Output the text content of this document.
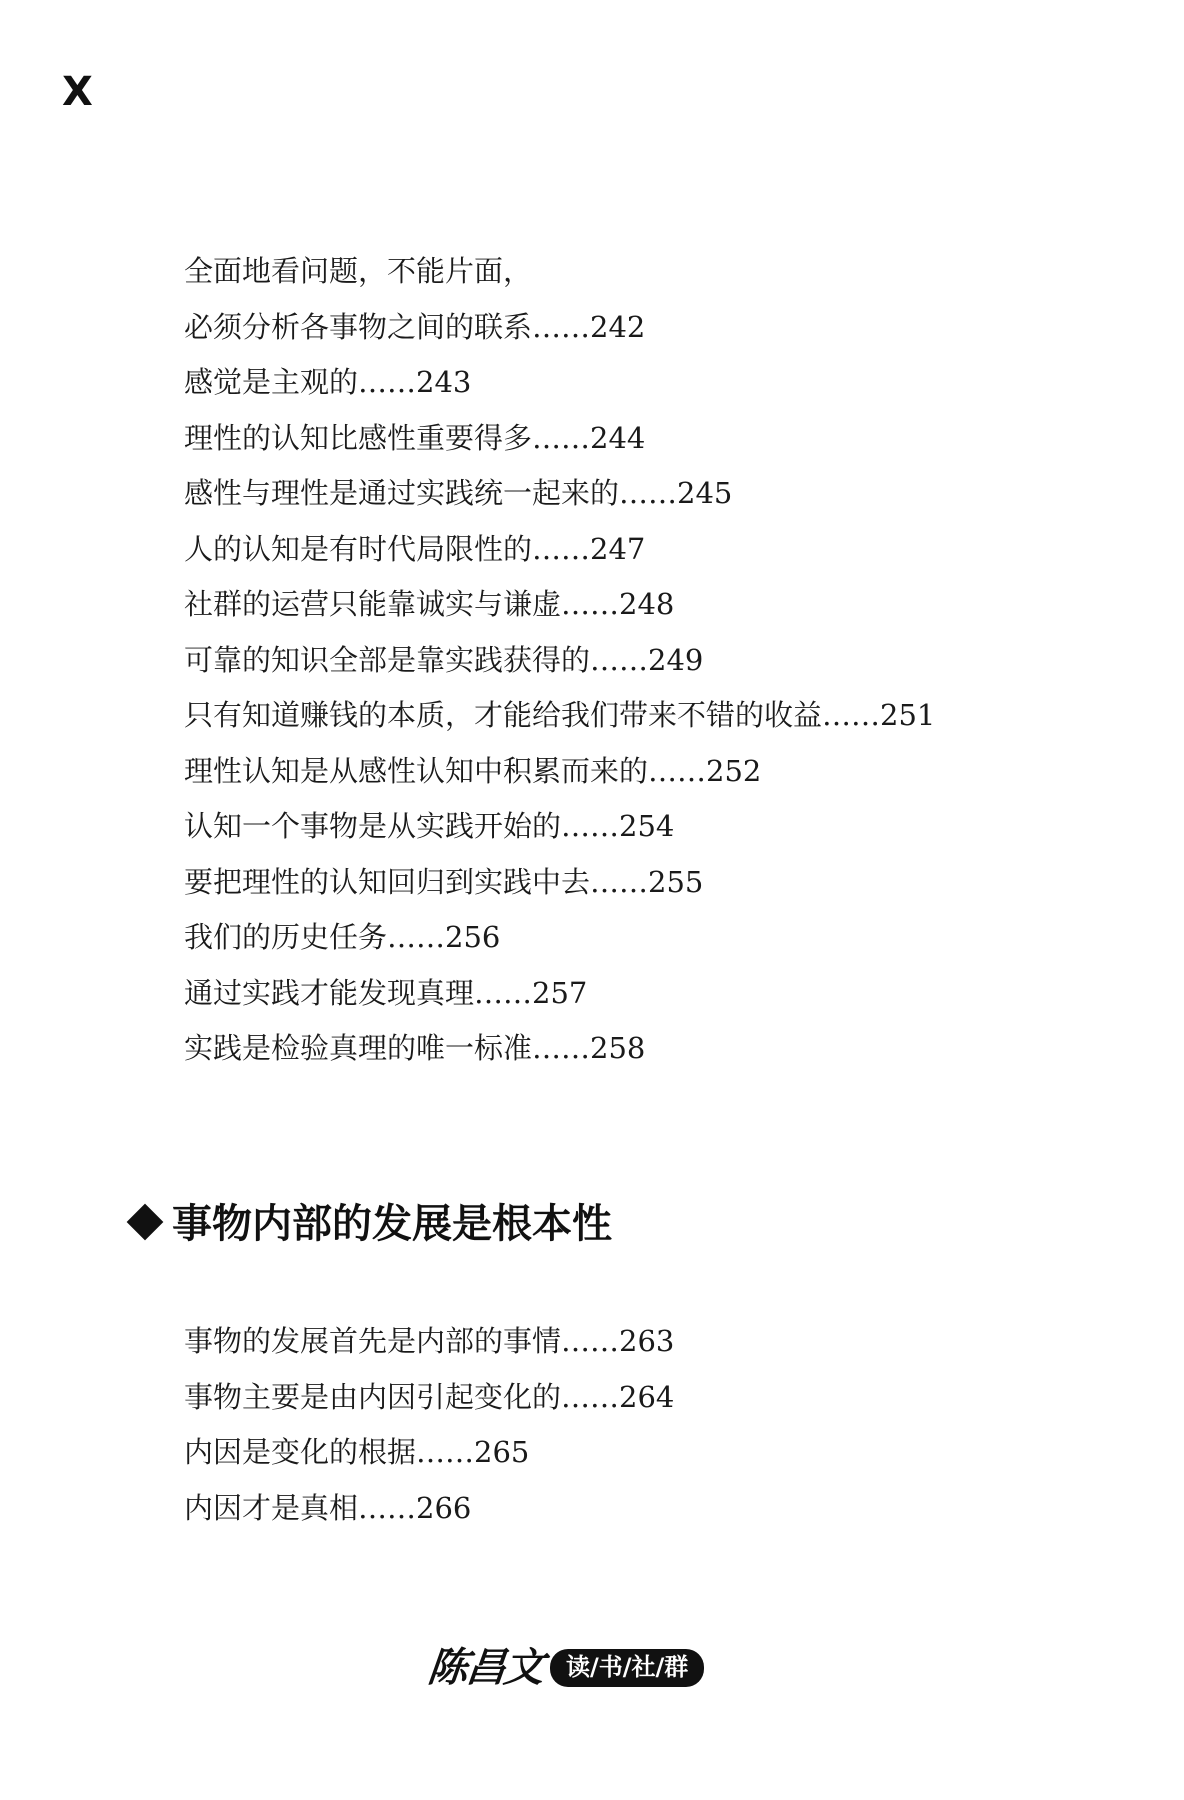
X
全面地看问题，不能片面，
必须分析各事物之间的联系……242
感觉是主观的……243
理性的认知比感性重要得多……244
感性与理性是通过实践统一起来的……245
人的认知是有时代局限性的……247
社群的运营只能靠诚实与谦虚……248
可靠的知识全部是靠实践获得的……249
只有知道赚钱的本质，才能给我们带来不错的收益……251
理性认知是从感性认知中积累而来的……252
认知一个事物是从实践开始的……254
要把理性的认知回归到实践中去……255
我们的历史任务……256
通过实践才能发现真理……257
实践是检验真理的唯一标准……258
事物内部的发展是根本性
事物的发展首先是内部的事情……263
事物主要是由内因引起变化的……264
内因是变化的根据……265
内因才是真相……266
陈昌文 读/书/社/群
